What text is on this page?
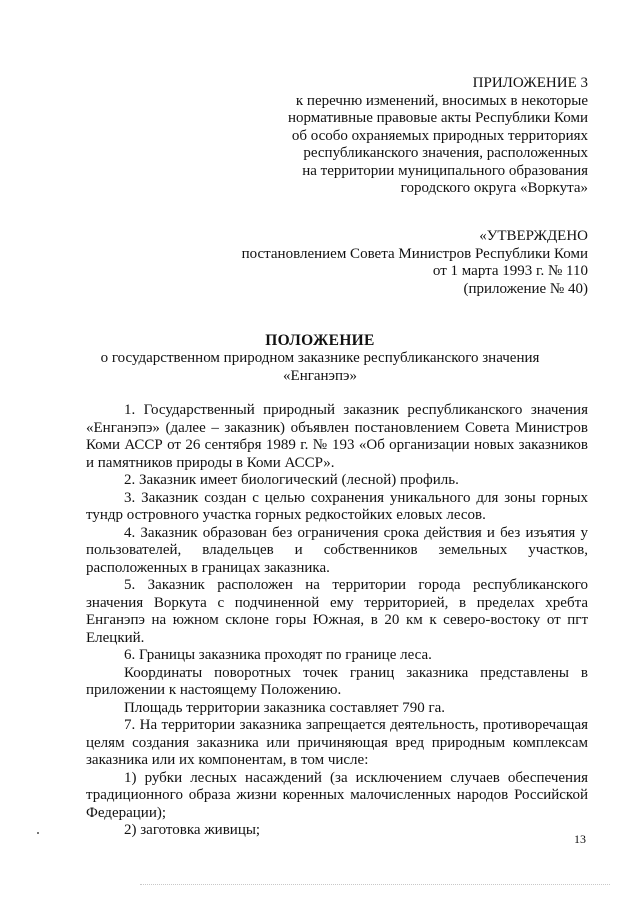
ПРИЛОЖЕНИЕ 3
к перечню изменений, вносимых в некоторые
нормативные правовые акты Республики Коми
об особо охраняемых природных территориях
республиканского значения, расположенных
на территории муниципального образования
городского округа «Воркута»
«УТВЕРЖДЕНО
постановлением Совета Министров Республики Коми
от 1 марта 1993 г. № 110
(приложение № 40)
ПОЛОЖЕНИЕ
о государственном природном заказнике республиканского значения
«Енганэпэ»

1. Государственный природный заказник республиканского значения «Енганэпэ» (далее – заказник) объявлен постановлением Совета Министров Коми АССР от 26 сентября 1989 г. № 193 «Об организации новых заказников и памятников природы в Коми АССР».

2. Заказник имеет биологический (лесной) профиль.

3. Заказник создан с целью сохранения уникального для зоны горных тундр островного участка горных редкостойких еловых лесов.

4. Заказник образован без ограничения срока действия и без изъятия у пользователей, владельцев и собственников земельных участков, расположенных в границах заказника.

5. Заказник расположен на территории города республиканского значения Воркута с подчиненной ему территорией, в пределах хребта Енганэпэ на южном склоне горы Южная, в 20 км к северо-востоку от пгт Елецкий.

6. Границы заказника проходят по границе леса.

Координаты поворотных точек границ заказника представлены в приложении к настоящему Положению.

Площадь территории заказника составляет 790 га.

7. На территории заказника запрещается деятельность, противоречащая целям создания заказника или причиняющая вред природным комплексам заказника или их компонентам, в том числе:

1) рубки лесных насаждений (за исключением случаев обеспечения традиционного образа жизни коренных малочисленных народов Российской Федерации);

2) заготовка живицы;

13
